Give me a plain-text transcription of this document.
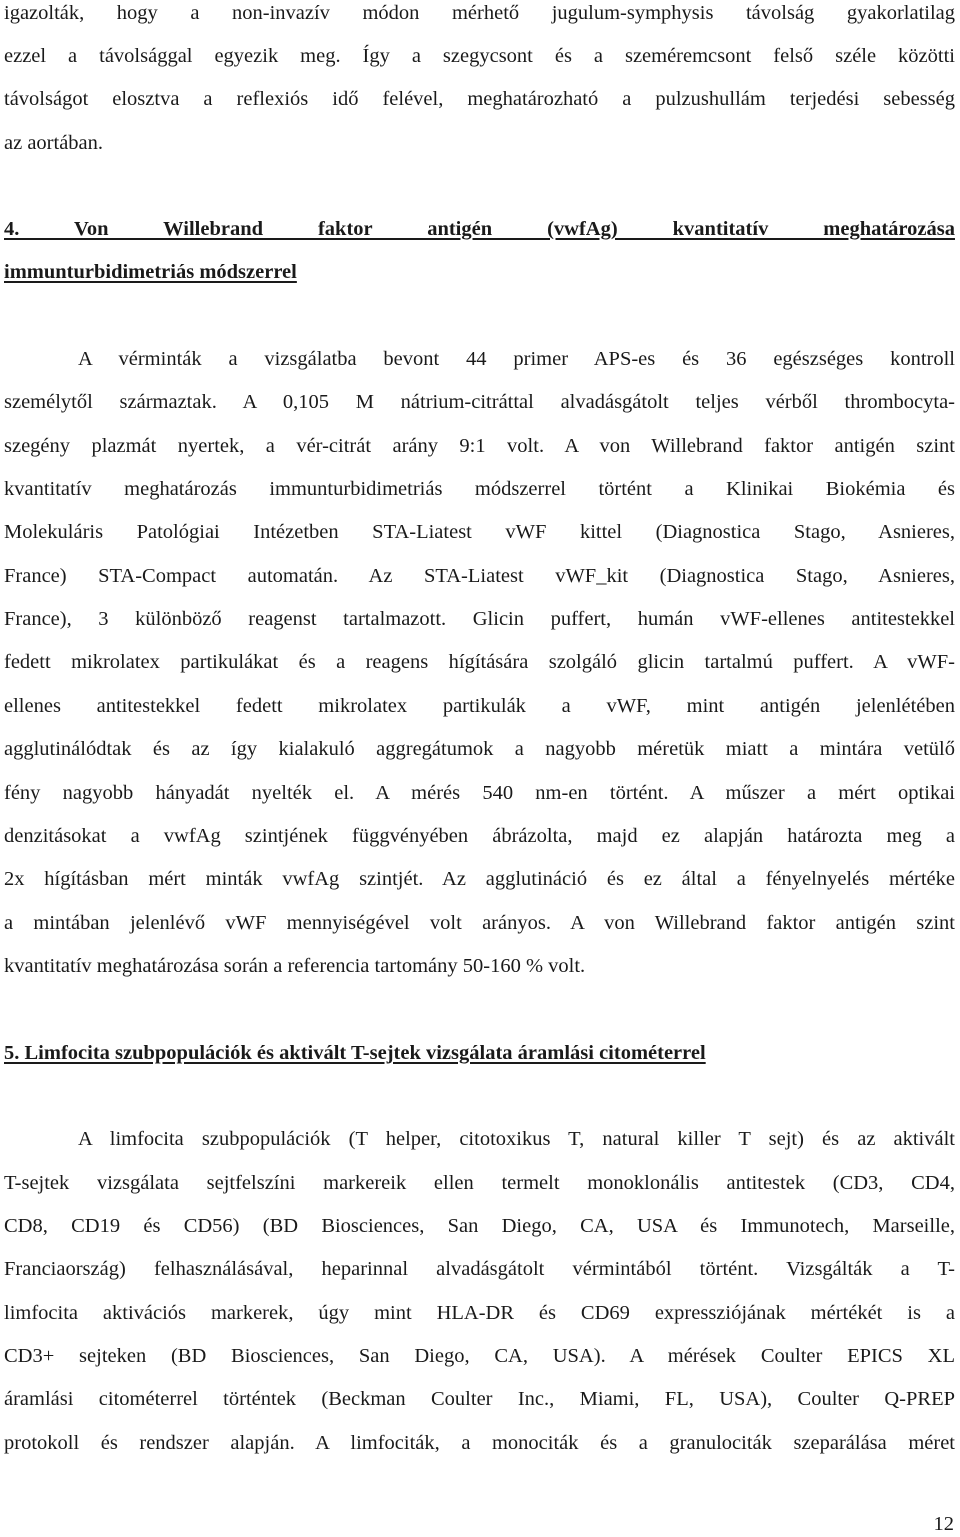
igazolták, hogy a non-invazív módon mérhető jugulum-symphysis távolság gyakorlatilag
ezzel a távolsággal egyezik meg. Így a szegycsont és a szeméremcsont felső széle közötti
távolságot elosztva a reflexiós idő felével, meghatározható a pulzushullám terjedési sebesség
az aortában.
4. Von Willebrand faktor antigén (vwfAg) kvantitatív meghatározása
immunturbidimetriás módszerrel
A vérminták a vizsgálatba bevont 44 primer APS-es és 36 egészséges kontroll
személytől származtak. A 0,105 M nátrium-citráttal alvadásgátolt teljes vérből thrombocyta-
szegény plazmát nyertek, a vér-citrát arány 9:1 volt. A von Willebrand faktor antigén szint
kvantitatív meghatározás immunturbidimetriás módszerrel történt a Klinikai Biokémia és
Molekuláris Patológiai Intézetben STA-Liatest vWF kittel (Diagnostica Stago, Asnieres,
France) STA-Compact automatán. Az STA-Liatest vWF_kit (Diagnostica Stago, Asnieres,
France), 3 különböző reagenst tartalmazott. Glicin puffert, humán vWF-ellenes antitestekkel
fedett mikrolatex partikulákat és a reagens hígítására szolgáló glicin tartalmú puffert. A vWF-
ellenes antitestekkel fedett mikrolatex partikulák a vWF, mint antigén jelenlétében
agglutinálódtak és az így kialakuló aggregátumok a nagyobb méretük miatt a mintára vetülő
fény nagyobb hányadát nyelték el. A mérés 540 nm-en történt. A műszer a mért optikai
denzitásokat a vwfAg szintjének függvényében ábrázolta, majd ez alapján határozta meg a
2x hígításban mért minták vwfAg szintjét. Az agglutináció és ez által a fényelnyelés mértéke
a mintában jelenlévő vWF mennyiségével volt arányos. A von Willebrand faktor antigén szint
kvantitatív meghatározása során a referencia tartomány 50-160 % volt.
5. Limfocita szubpopulációk és aktivált T-sejtek vizsgálata áramlási citométerrel
A limfocita szubpopulációk (T helper, citotoxikus T, natural killer T sejt) és az aktivált
T-sejtek vizsgálata sejtfelszíni markereik ellen termelt monoklonális antitestek (CD3, CD4,
CD8, CD19 és CD56) (BD Biosciences, San Diego, CA, USA és Immunotech, Marseille,
Franciaország) felhasználásával, heparinnal alvadásgátolt vérmintából történt. Vizsgálták a T-
limfocita aktivációs markerek, úgy mint HLA-DR és CD69 expressziójának mértékét is a
CD3+ sejteken (BD Biosciences, San Diego, CA, USA). A mérések Coulter EPICS XL
áramlási citométerrel történtek (Beckman Coulter Inc., Miami, FL, USA), Coulter Q-PREP
protokoll és rendszer alapján. A limfociták, a monociták és a granulociták szeparálása méret
12
